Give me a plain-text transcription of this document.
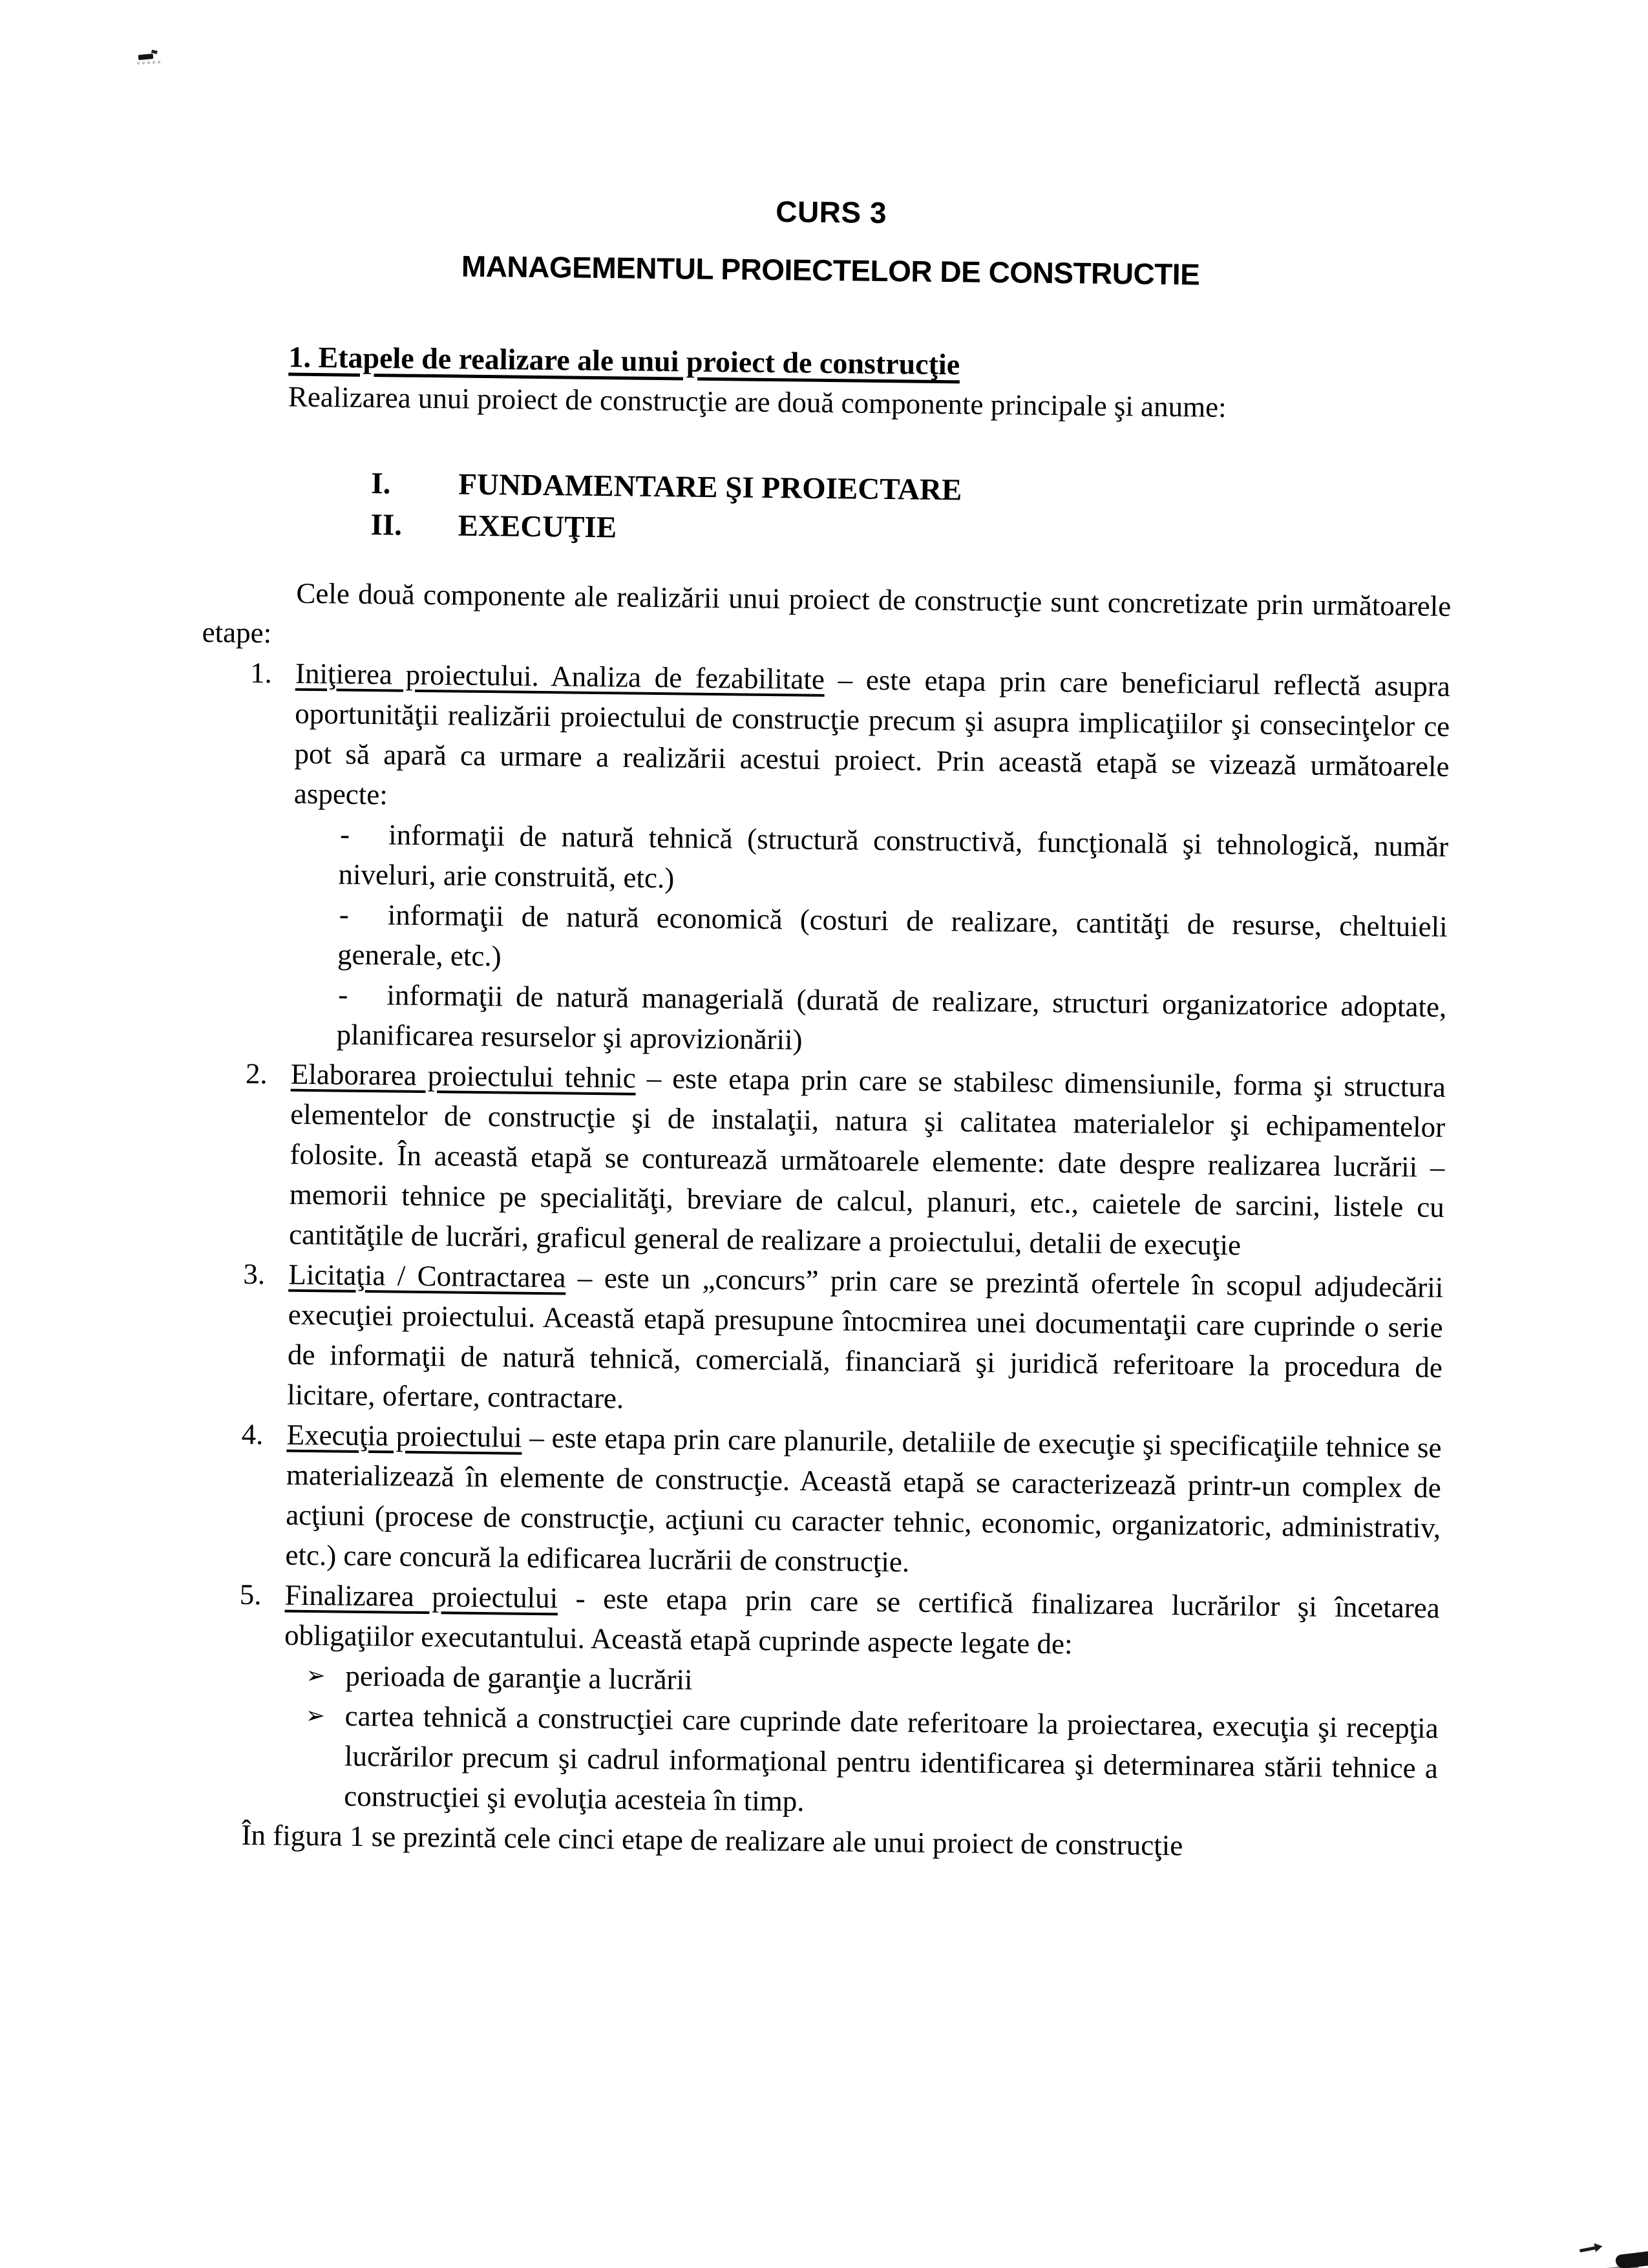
CURS 3
MANAGEMENTUL PROIECTELOR DE CONSTRUCTIE
1. Etapele de realizare ale unui proiect de construcţie
Realizarea unui proiect de construcţie are două componente principale şi anume:
I. FUNDAMENTARE ŞI PROIECTARE
II. EXECUŢIE

Cele două componente ale realizării unui proiect de construcţie sunt concretizate prin următoarele etape:

1. Iniţierea proiectului. Analiza de fezabilitate – este etapa prin care beneficiarul reflectă asupra oportunităţii realizării proiectului de construcţie precum şi asupra implicaţiilor şi consecinţelor ce pot să apară ca urmare a realizării acestui proiect. Prin această etapă se vizează următoarele aspecte:

- informaţii de natură tehnică (structură constructivă, funcţională şi tehnologică, număr niveluri, arie construită, etc.)

- informaţii de natură economică (costuri de realizare, cantităţi de resurse, cheltuieli generale, etc.)

- informaţii de natură managerială (durată de realizare, structuri organizatorice adoptate, planificarea resurselor şi aprovizionării)

2. Elaborarea proiectului tehnic – este etapa prin care se stabilesc dimensiunile, forma şi structura elementelor de construcţie şi de instalaţii, natura şi calitatea materialelor şi echipamentelor folosite. În această etapă se conturează următoarele elemente: date despre realizarea lucrării – memorii tehnice pe specialităţi, breviare de calcul, planuri, etc., caietele de sarcini, listele cu cantităţile de lucrări, graficul general de realizare a proiectului, detalii de execuţie

3. Licitaţia / Contractarea – este un „concurs” prin care se prezintă ofertele în scopul adjudecării execuţiei proiectului. Această etapă presupune întocmirea unei documentaţii care cuprinde o serie de informaţii de natură tehnică, comercială, financiară şi juridică referitoare la procedura de licitare, ofertare, contractare.

4. Execuţia proiectului – este etapa prin care planurile, detaliile de execuţie şi specificaţiile tehnice se materializează în elemente de construcţie. Această etapă se caracterizează printr-un complex de acţiuni (procese de construcţie, acţiuni cu caracter tehnic, economic, organizatoric, administrativ, etc.) care concură la edificarea lucrării de construcţie.

5. Finalizarea proiectului - este etapa prin care se certifică finalizarea lucrărilor şi încetarea obligaţiilor executantului. Această etapă cuprinde aspecte legate de:

➢ perioada de garanţie a lucrării

➢ cartea tehnică a construcţiei care cuprinde date referitoare la proiectarea, execuţia şi recepţia lucrărilor precum şi cadrul informaţional pentru identificarea şi determinarea stării tehnice a construcţiei şi evoluţia acesteia în timp.

În figura 1 se prezintă cele cinci etape de realizare ale unui proiect de construcţie
